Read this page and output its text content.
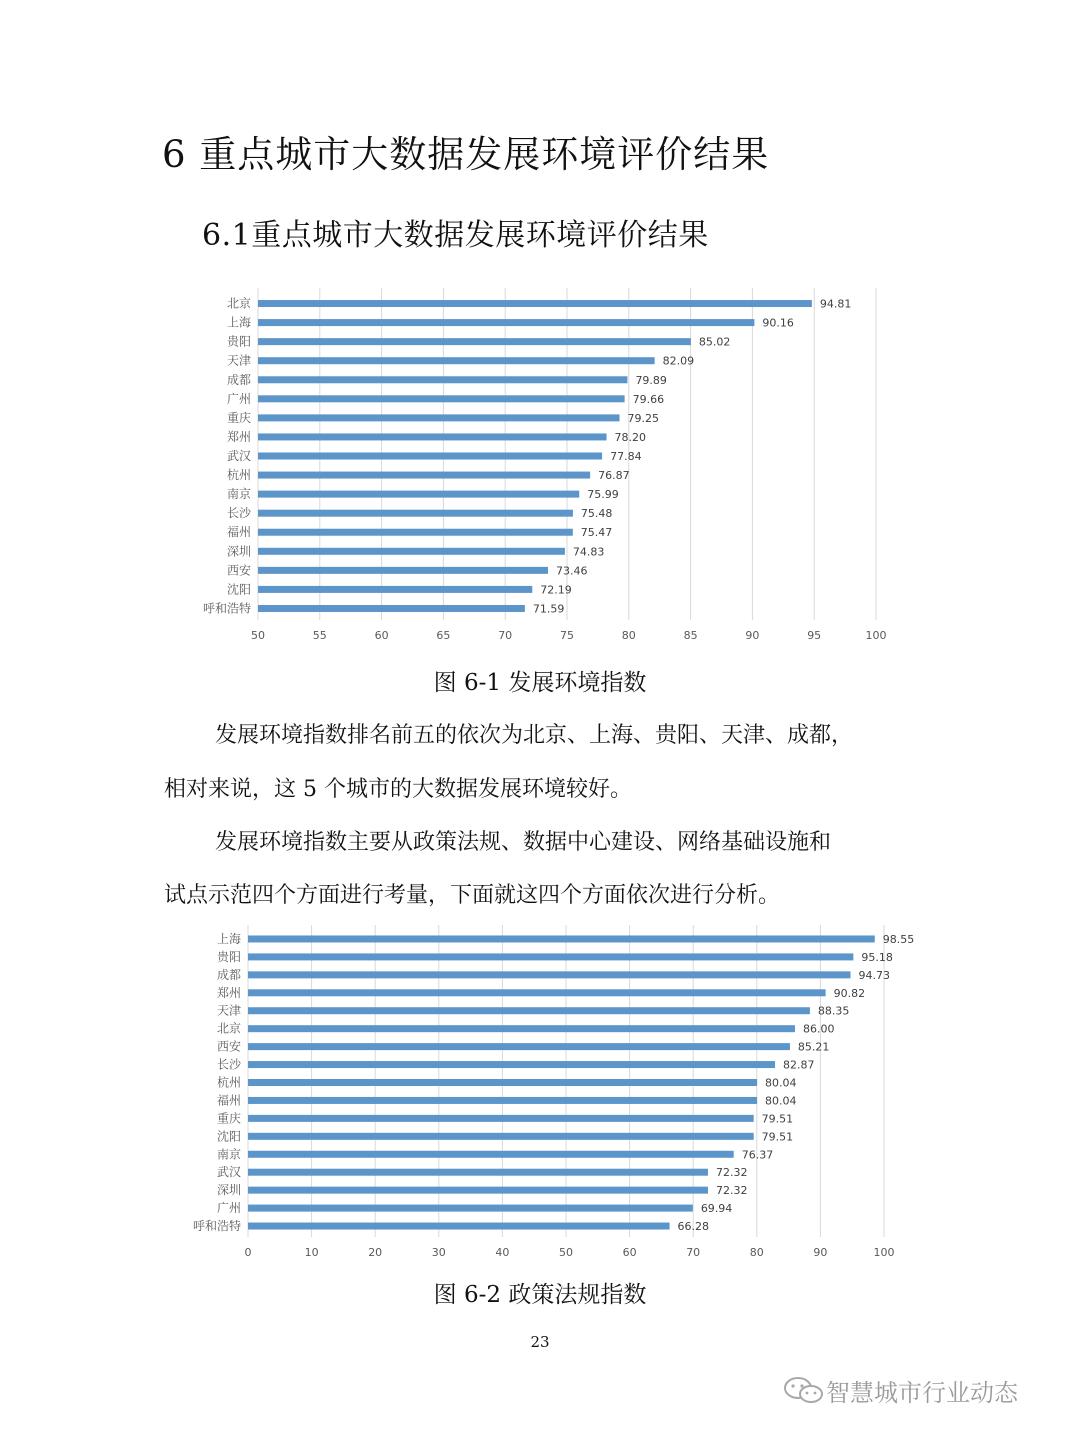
6 重点城市大数据发展环境评价结果
6.1重点城市大数据发展环境评价结果
50	55	60	65	70	75	80	85	90	95	100
北京	94.81
上海	90.16
贵阳	85.02
天津	82.09
成都	79.89
广州	79.66
重庆	79.25
郑州	78.20
武汉	77.84
杭州	76.87
南京	75.99
长沙	75.48
福州	75.47
深圳	74.83
西安	73.46
沈阳	72.19
呼和浩特	71.59
图 6-1 发展环境指数
发展环境指数排名前五的依次为北京、上海、贵阳、天津、成都，
相对来说，这 5 个城市的大数据发展环境较好。
发展环境指数主要从政策法规、数据中心建设、网络基础设施和
试点示范四个方面进行考量，下面就这四个方面依次进行分析。
0	10	20	30	40	50	60	70	80	90	100
上海	98.55
贵阳	95.18
成都	94.73
郑州	90.82
天津	88.35
北京	86.00
西安	85.21
长沙	82.87
杭州	80.04
福州	80.04
重庆	79.51
沈阳	79.51
南京	76.37
武汉	72.32
深圳	72.32
广州	69.94
呼和浩特	66.28
图 6-2 政策法规指数
23
智慧城市行业动态
